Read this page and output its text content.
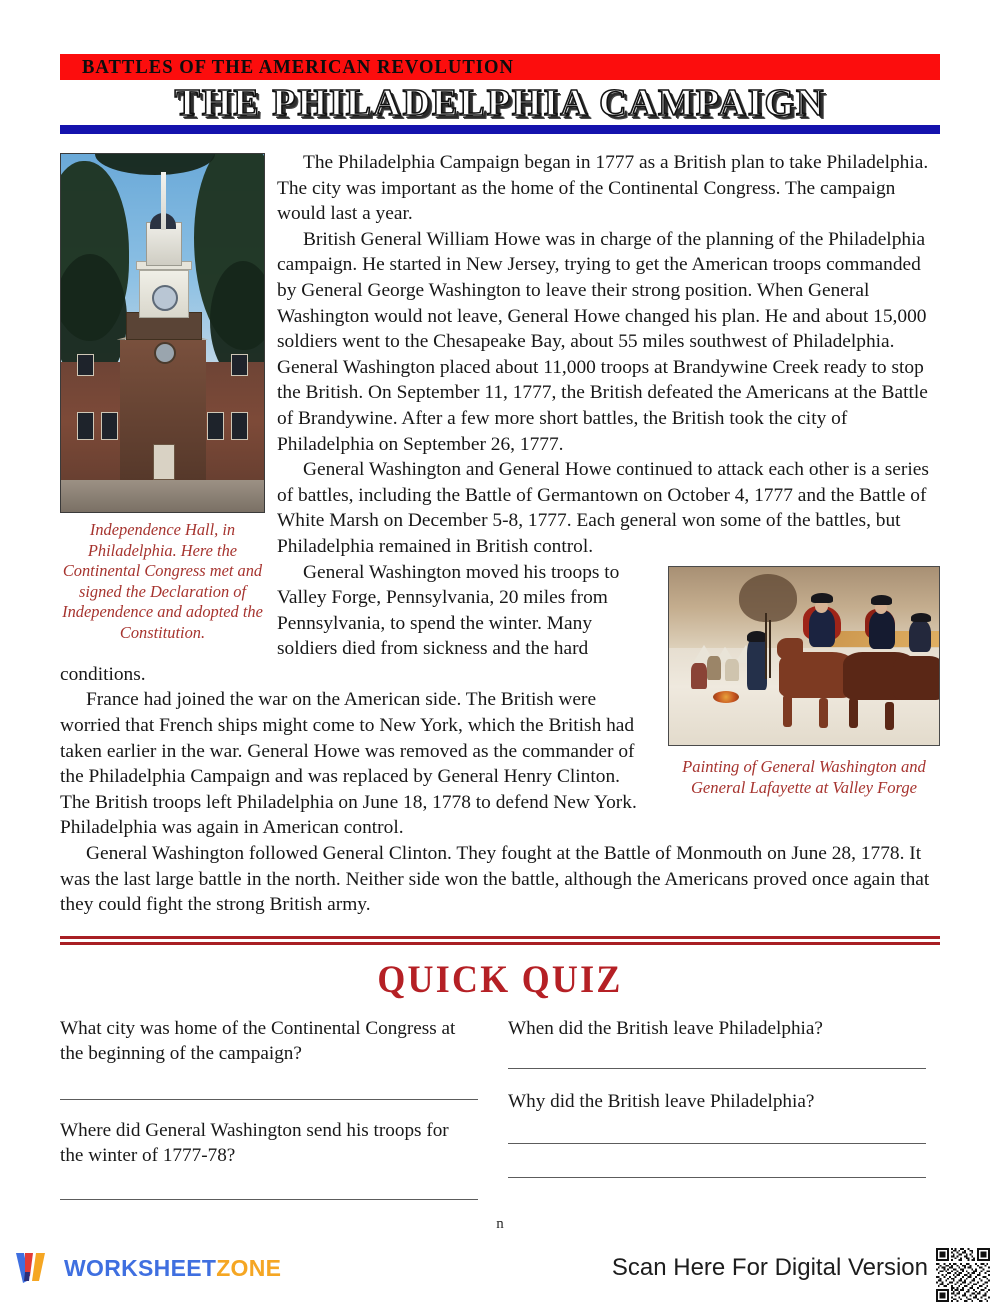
BATTLES OF THE AMERICAN REVOLUTION
THE PHILADELPHIA CAMPAIGN
Independence Hall, in Philadelphia. Here the Continental Congress met and signed the Declaration of Independence and adopted the Constitution.

The Philadelphia Campaign began in 1777 as a British plan to take Philadelphia. The city was important as the home of the Continental Congress. The campaign would last a year.

British General William Howe was in charge of the planning of the Philadelphia campaign. He started in New Jersey, trying to get the American troops commanded by General George Washington to leave their strong position. When General Washington would not leave, General Howe changed his plan. He and about 15,000 soldiers went to the Chesapeake Bay, about 55 miles southwest of Philadelphia. General Washington placed about 11,000 troops at Brandywine Creek ready to stop the British. On September 11, 1777, the British defeated the Americans at the Battle of Brandywine. After a few more short battles, the British took the city of Philadelphia on September 26, 1777.

General Washington and General Howe continued to attack each other is a series of battles, including the Battle of Germantown on October 4, 1777 and the Battle of White Marsh on December 5-8, 1777. Each general won some of the battles, but Philadelphia remained in British control.

Painting of General Washington and General Lafayette at Valley Forge

General Washington moved his troops to Valley Forge, Pennsylvania, 20 miles from Pennsylvania, to spend the winter. Many soldiers died from sickness and the hard conditions.

France had joined the war on the American side. The British were worried that French ships might come to New York, which the British had taken earlier in the war. General Howe was removed as the commander of the Philadelphia Campaign and was replaced by General Henry Clinton. The British troops left Philadelphia on June 18, 1778 to defend New York. Philadelphia was again in American control.

General Washington followed General Clinton. They fought at the Battle of Monmouth on June 28, 1778. It was the last large battle in the north. Neither side won the battle, although the Americans proved once again that they could fight the strong British army.

QUICK QUIZ
What city was home of the Continental Congress at the beginning of the campaign?
Where did General Washington send his troops for the winter of 1777-78?
When did the British leave Philadelphia?
Why did the British leave Philadelphia?
n
WORKSHEETZONE	Scan Here For Digital Version
